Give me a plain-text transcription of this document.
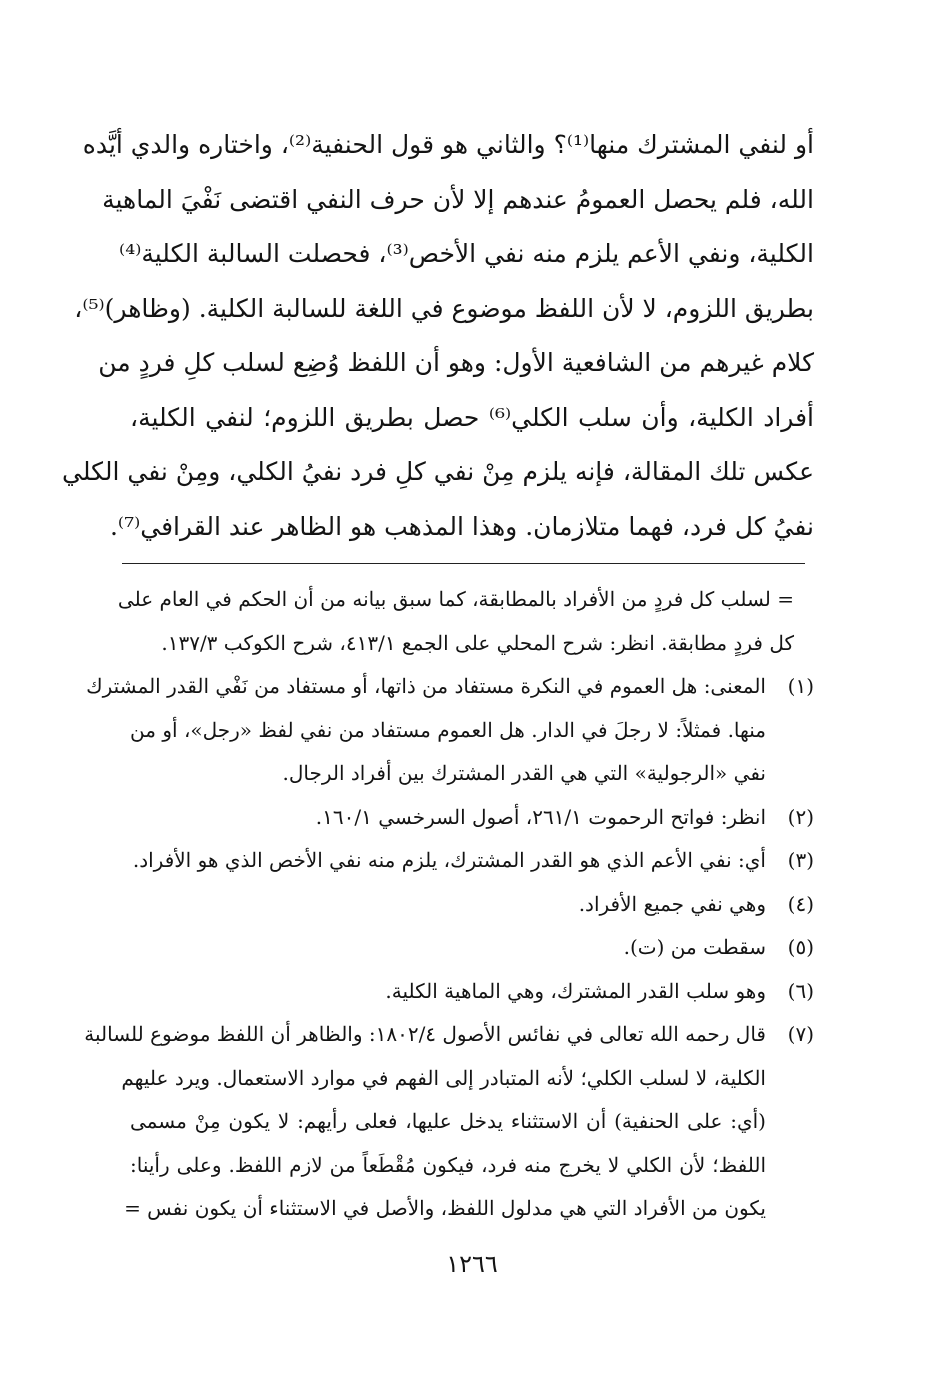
أو لنفي المشترك منها⁽¹⁾؟ والثاني هو قول الحنفية⁽²⁾، واختاره والدي أيَّده
الله، فلم يحصل العمومُ عندهم إلا لأن حرف النفي اقتضى نَفْيَ الماهية
الكلية، ونفي الأعم يلزم منه نفي الأخص⁽³⁾، فحصلت السالبة الكلية⁽⁴⁾
بطريق اللزوم، لا لأن اللفظ موضوع في اللغة للسالبة الكلية. (وظاهر)⁽⁵⁾،
كلام غيرهم من الشافعية الأول: وهو أن اللفظ وُضِع لسلب كلِ فردٍ من
أفراد الكلية، وأن سلب الكلي⁽⁶⁾ حصل بطريق اللزوم؛ لنفي الكلية،
عكس تلك المقالة، فإنه يلزم مِنْ نفي كلِ فرد نفيُ الكلي، ومِنْ نفي الكلي
نفيُ كل فرد، فهما متلازمان. وهذا المذهب هو الظاهر عند القرافي⁽⁷⁾.
= لسلب كل فردٍ من الأفراد بالمطابقة، كما سبق بيانه من أن الحكم في العام على
كل فردٍ مطابقة. انظر: شرح المحلي على الجمع ٤١٣/١، شرح الكوكب ١٣٧/٣.
(١)
المعنى: هل العموم في النكرة مستفاد من ذاتها، أو مستفاد من نَفْي القدر المشترك
منها. فمثلاً: لا رجلَ في الدار. هل العموم مستفاد من نفي لفظ «رجل»، أو من
نفي «الرجولية» التي هي القدر المشترك بين أفراد الرجال.
(٢)
انظر: فواتح الرحموت ٢٦١/١، أصول السرخسي ١٦٠/١.
(٣)
أي: نفي الأعم الذي هو القدر المشترك، يلزم منه نفي الأخص الذي هو الأفراد.
(٤)
وهي نفي جميع الأفراد.
(٥)
سقطت من (ت).
(٦)
وهو سلب القدر المشترك، وهي الماهية الكلية.
(٧)
قال رحمه الله تعالى في نفائس الأصول ١٨٠٢/٤: والظاهر أن اللفظ موضوع للسالبة
الكلية، لا لسلب الكلي؛ لأنه المتبادر إلى الفهم في موارد الاستعمال. ويرد عليهم
(أي: على الحنفية) أن الاستثناء يدخل عليها، فعلى رأيهم: لا يكون مِنْ مسمى
اللفظ؛ لأن الكلي لا يخرج منه فرد، فيكون مُقْطَعاً من لازم اللفظ. وعلى رأينا:
يكون من الأفراد التي هي مدلول اللفظ، والأصل في الاستثناء أن يكون نفس =
١٢٦٦
